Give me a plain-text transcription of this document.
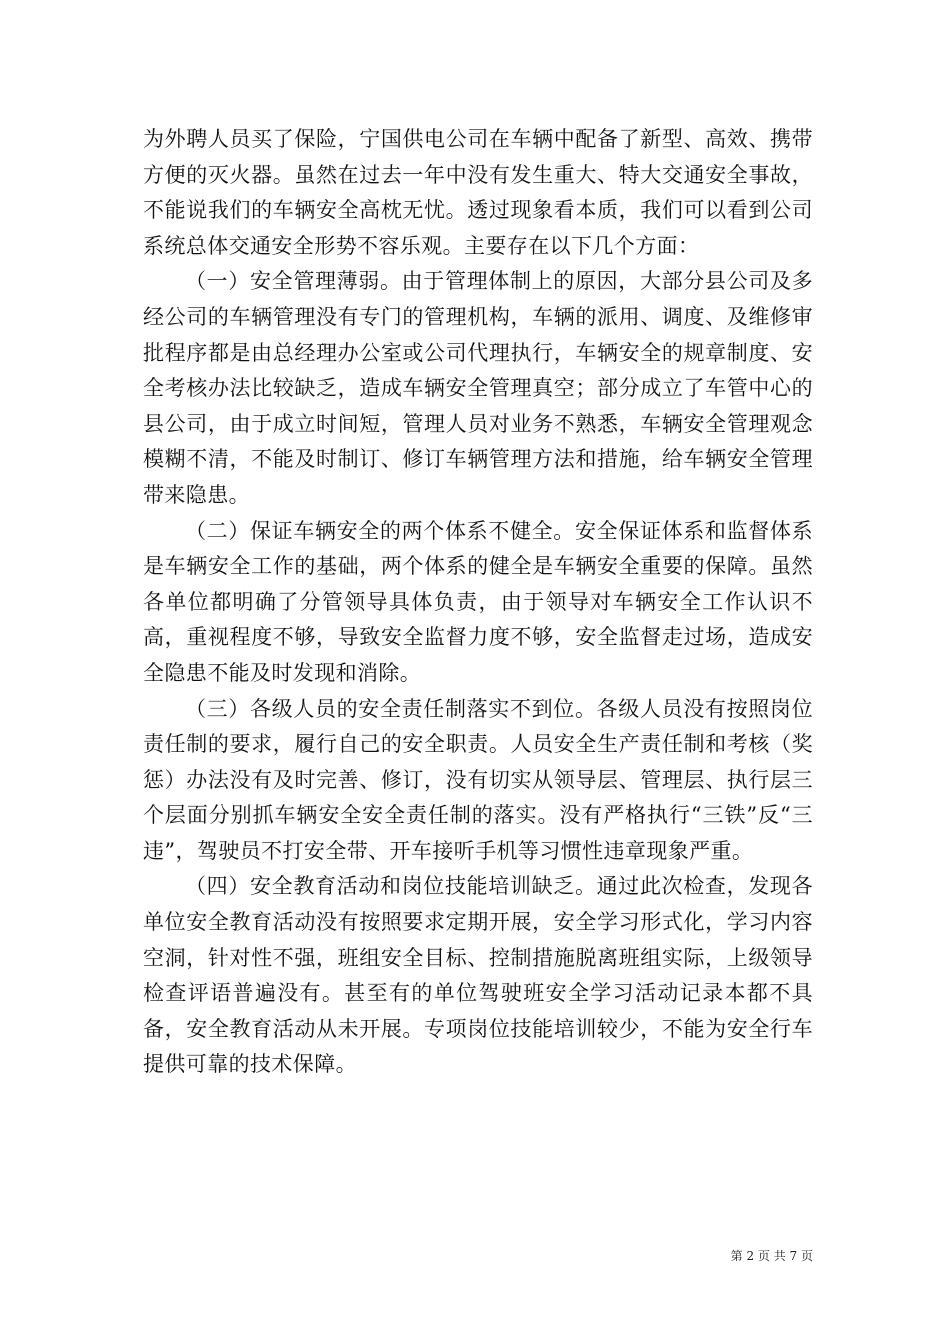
为外聘人员买了保险，宁国供电公司在车辆中配备了新型、高效、携带方便的灭火器。虽然在过去一年中没有发生重大、特大交通安全事故，不能说我们的车辆安全高枕无忧。透过现象看本质，我们可以看到公司系统总体交通安全形势不容乐观。主要存在以下几个方面：

（一）安全管理薄弱。由于管理体制上的原因，大部分县公司及多经公司的车辆管理没有专门的管理机构，车辆的派用、调度、及维修审批程序都是由总经理办公室或公司代理执行，车辆安全的规章制度、安全考核办法比较缺乏，造成车辆安全管理真空；部分成立了车管中心的县公司，由于成立时间短，管理人员对业务不熟悉，车辆安全管理观念模糊不清，不能及时制订、修订车辆管理方法和措施，给车辆安全管理带来隐患。

（二）保证车辆安全的两个体系不健全。安全保证体系和监督体系是车辆安全工作的基础，两个体系的健全是车辆安全重要的保障。虽然各单位都明确了分管领导具体负责，由于领导对车辆安全工作认识不高，重视程度不够，导致安全监督力度不够，安全监督走过场，造成安全隐患不能及时发现和消除。

（三）各级人员的安全责任制落实不到位。各级人员没有按照岗位责任制的要求，履行自己的安全职责。人员安全生产责任制和考核（奖惩）办法没有及时完善、修订，没有切实从领导层、管理层、执行层三个层面分别抓车辆安全安全责任制的落实。没有严格执行“三铁”反“三违”，驾驶员不打安全带、开车接听手机等习惯性违章现象严重。

（四）安全教育活动和岗位技能培训缺乏。通过此次检查，发现各单位安全教育活动没有按照要求定期开展，安全学习形式化，学习内容空洞，针对性不强，班组安全目标、控制措施脱离班组实际，上级领导检查评语普遍没有。甚至有的单位驾驶班安全学习活动记录本都不具备，安全教育活动从未开展。专项岗位技能培训较少，不能为安全行车提供可靠的技术保障。

第 2 页 共 7 页
